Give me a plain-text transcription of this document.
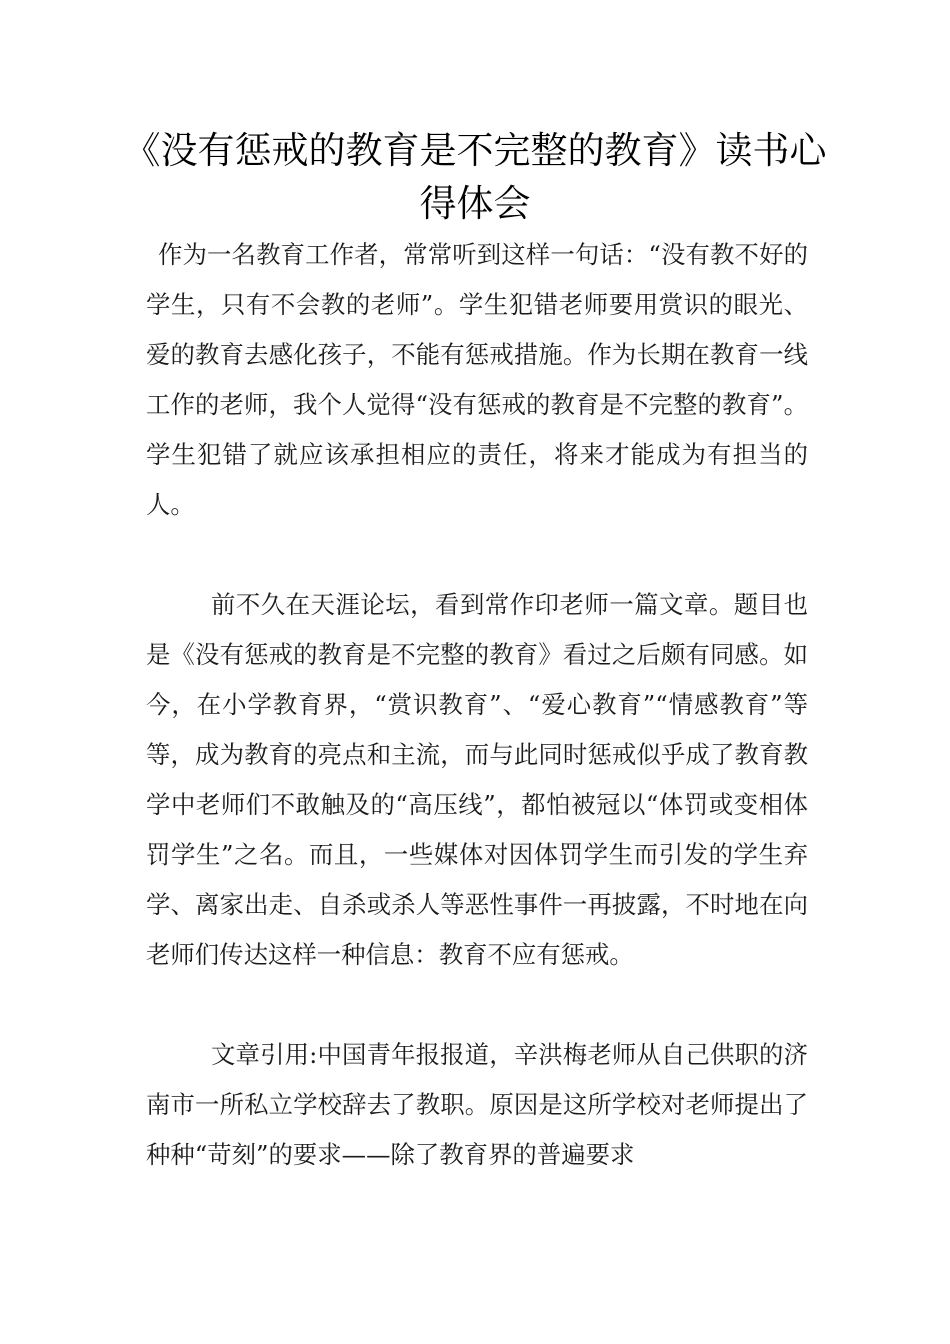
《没有惩戒的教育是不完整的教育》读书心得体会

作为一名教育工作者，常常听到这样一句话：“没有教不好的学生，只有不会教的老师”。学生犯错老师要用赏识的眼光、爱的教育去感化孩子，不能有惩戒措施。作为长期在教育一线工作的老师，我个人觉得“没有惩戒的教育是不完整的教育”。学生犯错了就应该承担相应的责任，将来才能成为有担当的人。

前不久在天涯论坛，看到常作印老师一篇文章。题目也是《没有惩戒的教育是不完整的教育》看过之后颇有同感。如今，在小学教育界，“赏识教育”、“爱心教育”“情感教育”等等，成为教育的亮点和主流，而与此同时惩戒似乎成了教育教学中老师们不敢触及的“高压线”，都怕被冠以“体罚或变相体罚学生”之名。而且，一些媒体对因体罚学生而引发的学生弃学、离家出走、自杀或杀人等恶性事件一再披露，不时地在向老师们传达这样一种信息：教育不应有惩戒。

文章引用:中国青年报报道，辛洪梅老师从自己供职的济南市一所私立学校辞去了教职。原因是这所学校对老师提出了种种“苛刻”的要求——除了教育界的普遍要求
